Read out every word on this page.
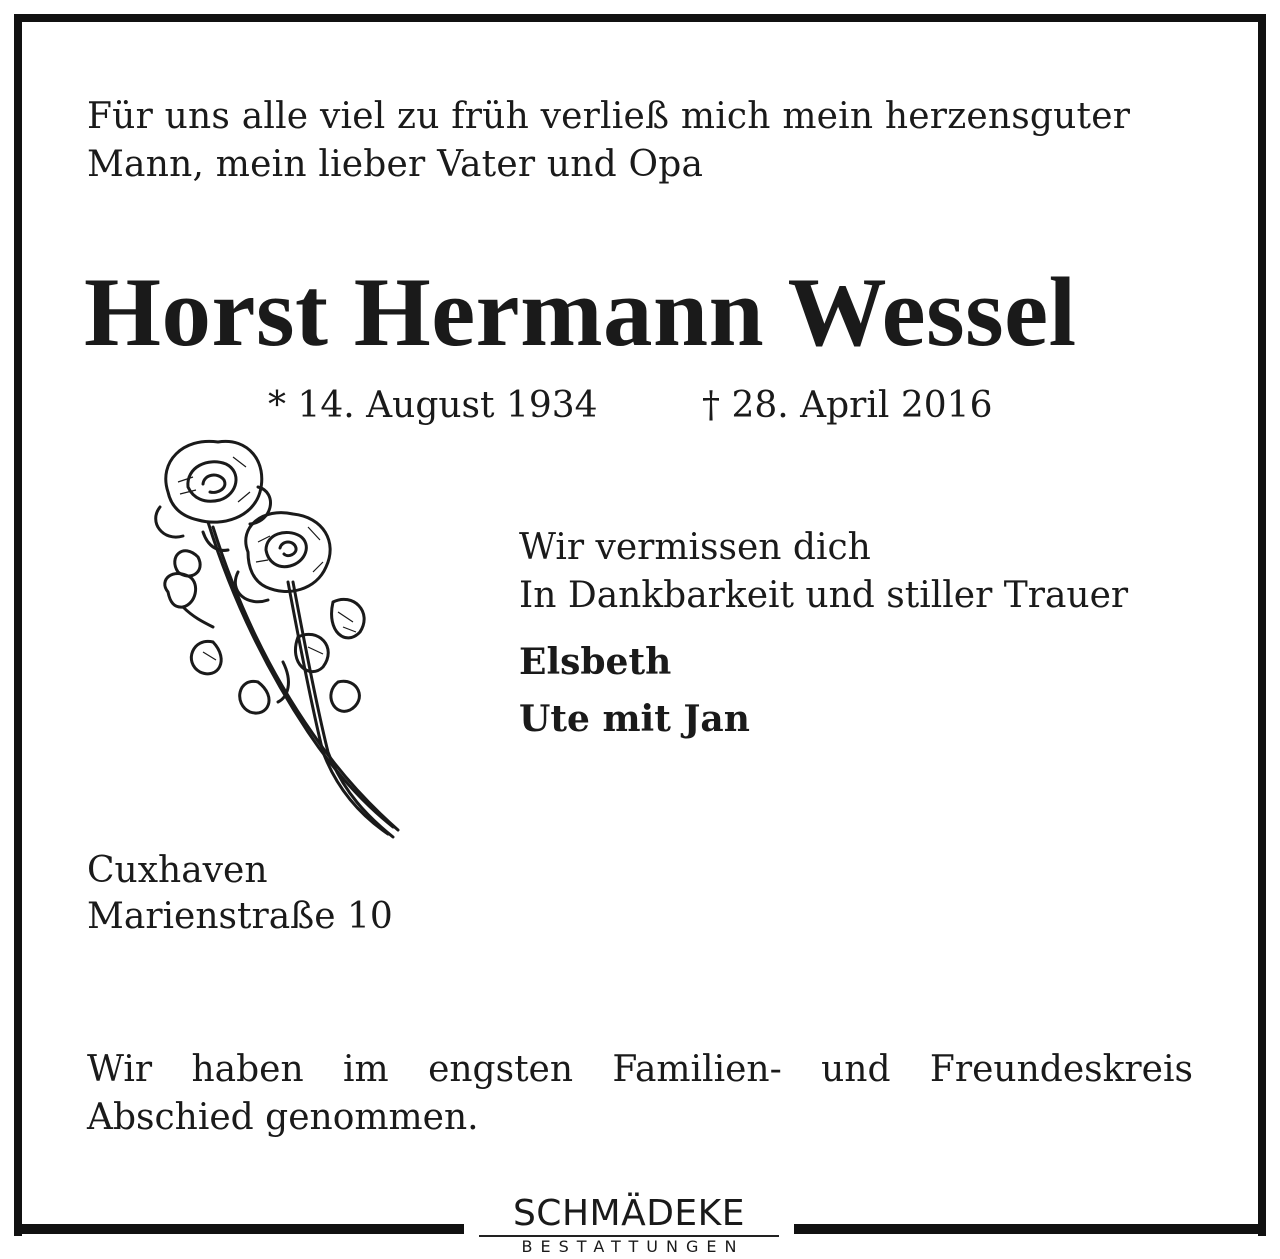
Für uns alle viel zu früh verließ mich mein herzensguter
Mann, mein lieber Vater und Opa
Horst Hermann Wessel
* 14. August 1934	† 28. April 2016
Wir vermissen dich
In Dankbarkeit und stiller Trauer
Elsbeth
Ute mit Jan
Cuxhaven
Marienstraße 10
Wir haben im engsten Familien- und Freundeskreis
Abschied genommen.
SCHMÄDEKE
BESTATTUNGEN
